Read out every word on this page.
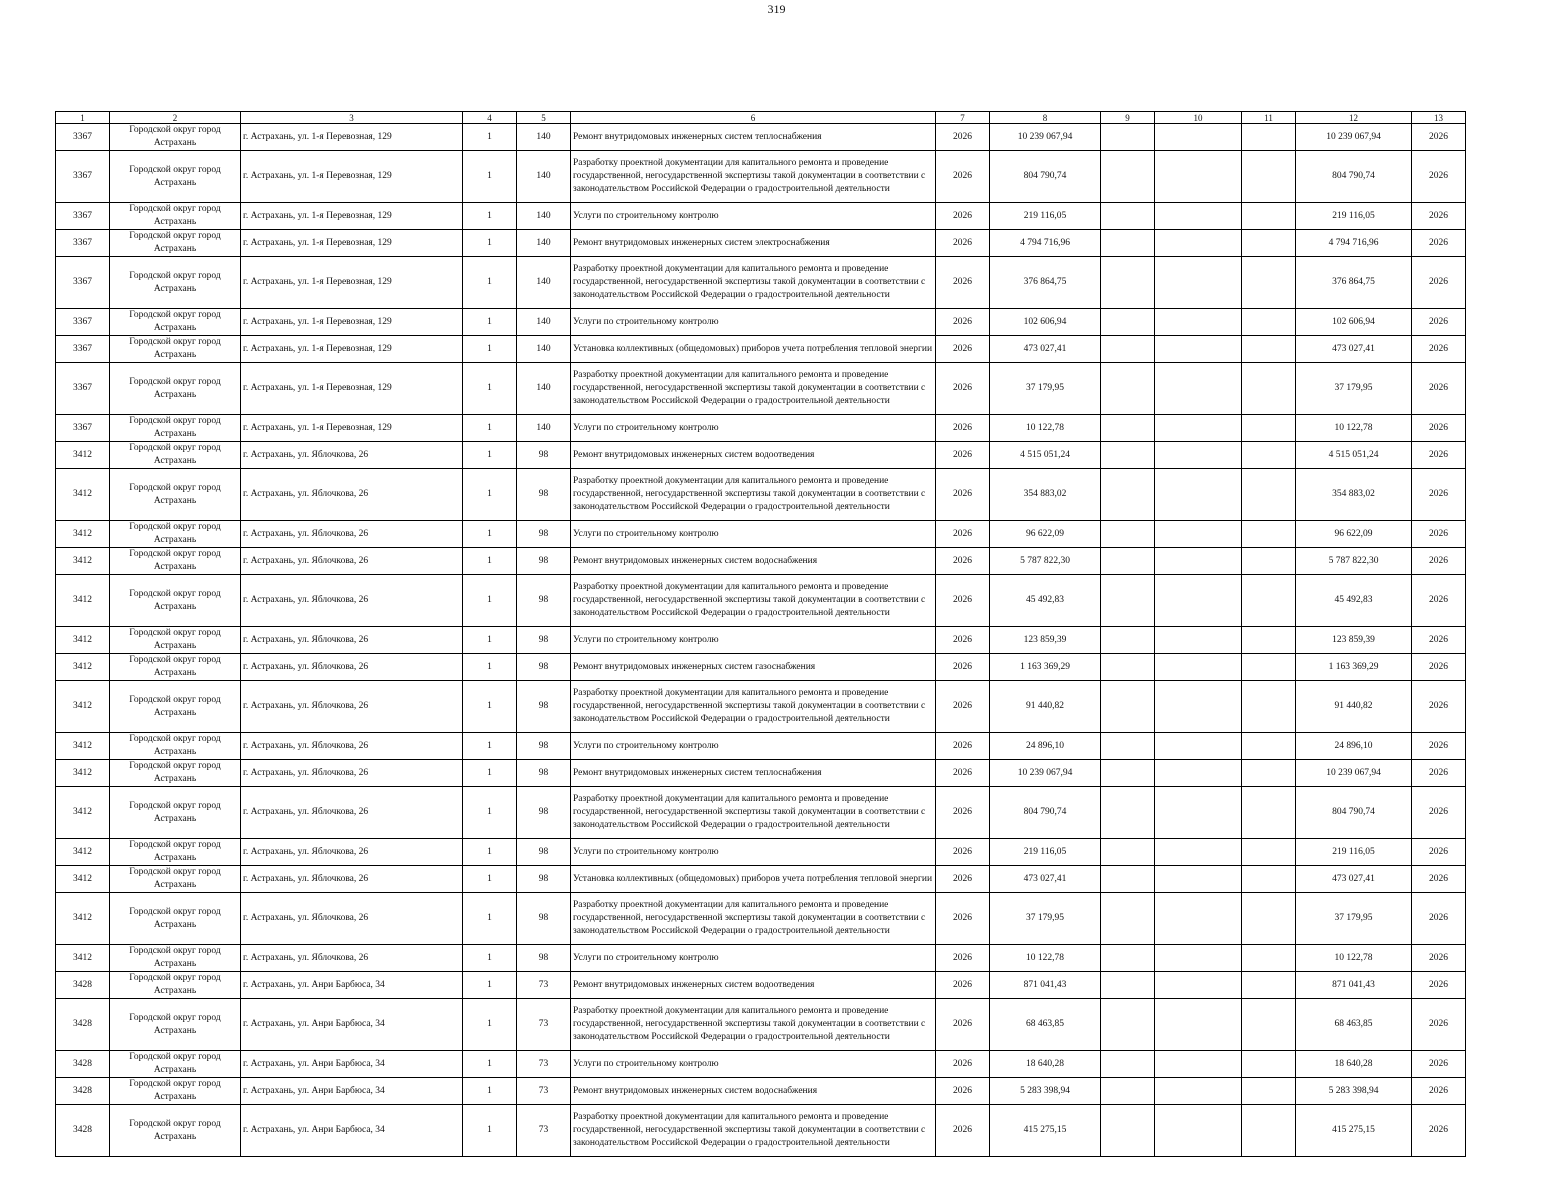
319
1	2	3	4	5	6	7	8	9	10	11	12	13
3367	Городской округ город Астрахань	г. Астрахань, ул. 1-я Перевозная, 129	1	140	Ремонт внутридомовых инженерных систем теплоснабжения	2026	10 239 067,94				10 239 067,94	2026
3367	Городской округ город Астрахань	г. Астрахань, ул. 1-я Перевозная, 129	1	140	Разработку проектной документации для капитального ремонта и проведение государственной, негосударственной экспертизы такой документации в соответствии с законодательством Российской Федерации о градостроительной деятельности	2026	804 790,74				804 790,74	2026
3367	Городской округ город Астрахань	г. Астрахань, ул. 1-я Перевозная, 129	1	140	Услуги по строительному контролю	2026	219 116,05				219 116,05	2026
3367	Городской округ город Астрахань	г. Астрахань, ул. 1-я Перевозная, 129	1	140	Ремонт внутридомовых инженерных систем электроснабжения	2026	4 794 716,96				4 794 716,96	2026
3367	Городской округ город Астрахань	г. Астрахань, ул. 1-я Перевозная, 129	1	140	Разработку проектной документации для капитального ремонта и проведение государственной, негосударственной экспертизы такой документации в соответствии с законодательством Российской Федерации о градостроительной деятельности	2026	376 864,75				376 864,75	2026
3367	Городской округ город Астрахань	г. Астрахань, ул. 1-я Перевозная, 129	1	140	Услуги по строительному контролю	2026	102 606,94				102 606,94	2026
3367	Городской округ город Астрахань	г. Астрахань, ул. 1-я Перевозная, 129	1	140	Установка коллективных (общедомовых) приборов учета потребления тепловой энергии	2026	473 027,41				473 027,41	2026
3367	Городской округ город Астрахань	г. Астрахань, ул. 1-я Перевозная, 129	1	140	Разработку проектной документации для капитального ремонта и проведение государственной, негосударственной экспертизы такой документации в соответствии с законодательством Российской Федерации о градостроительной деятельности	2026	37 179,95				37 179,95	2026
3367	Городской округ город Астрахань	г. Астрахань, ул. 1-я Перевозная, 129	1	140	Услуги по строительному контролю	2026	10 122,78				10 122,78	2026
3412	Городской округ город Астрахань	г. Астрахань, ул. Яблочкова, 26	1	98	Ремонт внутридомовых инженерных систем водоотведения	2026	4 515 051,24				4 515 051,24	2026
3412	Городской округ город Астрахань	г. Астрахань, ул. Яблочкова, 26	1	98	Разработку проектной документации для капитального ремонта и проведение государственной, негосударственной экспертизы такой документации в соответствии с законодательством Российской Федерации о градостроительной деятельности	2026	354 883,02				354 883,02	2026
3412	Городской округ город Астрахань	г. Астрахань, ул. Яблочкова, 26	1	98	Услуги по строительному контролю	2026	96 622,09				96 622,09	2026
3412	Городской округ город Астрахань	г. Астрахань, ул. Яблочкова, 26	1	98	Ремонт внутридомовых инженерных систем водоснабжения	2026	5 787 822,30				5 787 822,30	2026
3412	Городской округ город Астрахань	г. Астрахань, ул. Яблочкова, 26	1	98	Разработку проектной документации для капитального ремонта и проведение государственной, негосударственной экспертизы такой документации в соответствии с законодательством Российской Федерации о градостроительной деятельности	2026	45 492,83				45 492,83	2026
3412	Городской округ город Астрахань	г. Астрахань, ул. Яблочкова, 26	1	98	Услуги по строительному контролю	2026	123 859,39				123 859,39	2026
3412	Городской округ город Астрахань	г. Астрахань, ул. Яблочкова, 26	1	98	Ремонт внутридомовых инженерных систем газоснабжения	2026	1 163 369,29				1 163 369,29	2026
3412	Городской округ город Астрахань	г. Астрахань, ул. Яблочкова, 26	1	98	Разработку проектной документации для капитального ремонта и проведение государственной, негосударственной экспертизы такой документации в соответствии с законодательством Российской Федерации о градостроительной деятельности	2026	91 440,82				91 440,82	2026
3412	Городской округ город Астрахань	г. Астрахань, ул. Яблочкова, 26	1	98	Услуги по строительному контролю	2026	24 896,10				24 896,10	2026
3412	Городской округ город Астрахань	г. Астрахань, ул. Яблочкова, 26	1	98	Ремонт внутридомовых инженерных систем теплоснабжения	2026	10 239 067,94				10 239 067,94	2026
3412	Городской округ город Астрахань	г. Астрахань, ул. Яблочкова, 26	1	98	Разработку проектной документации для капитального ремонта и проведение государственной, негосударственной экспертизы такой документации в соответствии с законодательством Российской Федерации о градостроительной деятельности	2026	804 790,74				804 790,74	2026
3412	Городской округ город Астрахань	г. Астрахань, ул. Яблочкова, 26	1	98	Услуги по строительному контролю	2026	219 116,05				219 116,05	2026
3412	Городской округ город Астрахань	г. Астрахань, ул. Яблочкова, 26	1	98	Установка коллективных (общедомовых) приборов учета потребления тепловой энергии	2026	473 027,41				473 027,41	2026
3412	Городской округ город Астрахань	г. Астрахань, ул. Яблочкова, 26	1	98	Разработку проектной документации для капитального ремонта и проведение государственной, негосударственной экспертизы такой документации в соответствии с законодательством Российской Федерации о градостроительной деятельности	2026	37 179,95				37 179,95	2026
3412	Городской округ город Астрахань	г. Астрахань, ул. Яблочкова, 26	1	98	Услуги по строительному контролю	2026	10 122,78				10 122,78	2026
3428	Городской округ город Астрахань	г. Астрахань, ул. Анри Барбюса, 34	1	73	Ремонт внутридомовых инженерных систем водоотведения	2026	871 041,43				871 041,43	2026
3428	Городской округ город Астрахань	г. Астрахань, ул. Анри Барбюса, 34	1	73	Разработку проектной документации для капитального ремонта и проведение государственной, негосударственной экспертизы такой документации в соответствии с законодательством Российской Федерации о градостроительной деятельности	2026	68 463,85				68 463,85	2026
3428	Городской округ город Астрахань	г. Астрахань, ул. Анри Барбюса, 34	1	73	Услуги по строительному контролю	2026	18 640,28				18 640,28	2026
3428	Городской округ город Астрахань	г. Астрахань, ул. Анри Барбюса, 34	1	73	Ремонт внутридомовых инженерных систем водоснабжения	2026	5 283 398,94				5 283 398,94	2026
3428	Городской округ город Астрахань	г. Астрахань, ул. Анри Барбюса, 34	1	73	Разработку проектной документации для капитального ремонта и проведение государственной, негосударственной экспертизы такой документации в соответствии с законодательством Российской Федерации о градостроительной деятельности	2026	415 275,15				415 275,15	2026
